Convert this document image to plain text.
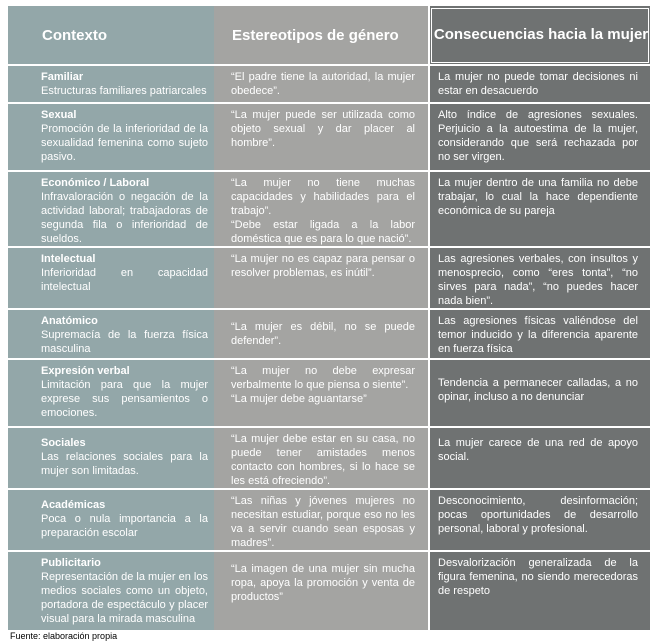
Contexto	Estereotipos de género	Consecuencias hacia la mujer
Familiar
Estructuras familiares patriarcales
“El padre tiene la autoridad, la mujer obedece”.
La mujer no puede tomar decisiones ni estar en desacuerdo
Sexual
Promoción de la inferioridad de la sexualidad femenina como sujeto pasivo.
“La mujer puede ser utilizada como objeto sexual y dar placer al hombre”.
Alto índice de agresiones sexuales. Perjuicio a la autoestima de la mujer, considerando que será rechazada por no ser virgen.
Económico / Laboral
Infravaloración o negación de la actividad laboral; trabajadoras de segunda fila o inferioridad de sueldos.
“La mujer no tiene muchas capacidades y habilidades para el trabajo”.
“Debe estar ligada a la labor doméstica que es para lo que nació”.
La mujer dentro de una familia no debe trabajar, lo cual la hace dependiente económica de su pareja
Intelectual
Inferioridad en capacidad intelectual
“La mujer no es capaz para pensar o resolver problemas, es inútil”.
Las agresiones verbales, con insultos y menosprecio, como “eres tonta”, “no sirves para nada”, “no puedes hacer nada bien”.
Anatómico
Supremacía de la fuerza física masculina
“La mujer es débil, no se puede defender”.
Las agresiones físicas valiéndose del temor inducido y la diferencia aparente en fuerza física
Expresión verbal
Limitación para que la mujer exprese sus pensamientos o emociones.
“La mujer no debe expresar verbalmente lo que piensa o siente”.
“La mujer debe aguantarse”
Tendencia a permanecer calladas, a no opinar, incluso a no denunciar
Sociales
Las relaciones sociales para la mujer son limitadas.
“La mujer debe estar en su casa, no puede tener amistades menos contacto con hombres, si lo hace se les está ofreciendo”.
La mujer carece de una red de apoyo social.
Académicas
Poca o nula importancia a la preparación escolar
“Las niñas y jóvenes mujeres no necesitan estudiar, porque eso no les va a servir cuando sean esposas y madres”.
Desconocimiento, desinformación; pocas oportunidades de desarrollo personal, laboral y profesional.
Publicitario
Representación de la mujer en los medios sociales como un objeto, portadora de espectáculo y placer visual para la mirada masculina
“La imagen de una mujer sin mucha ropa, apoya la promoción y venta de productos”
Desvalorización generalizada de la figura femenina, no siendo merecedoras de respeto
Fuente: elaboración propia
